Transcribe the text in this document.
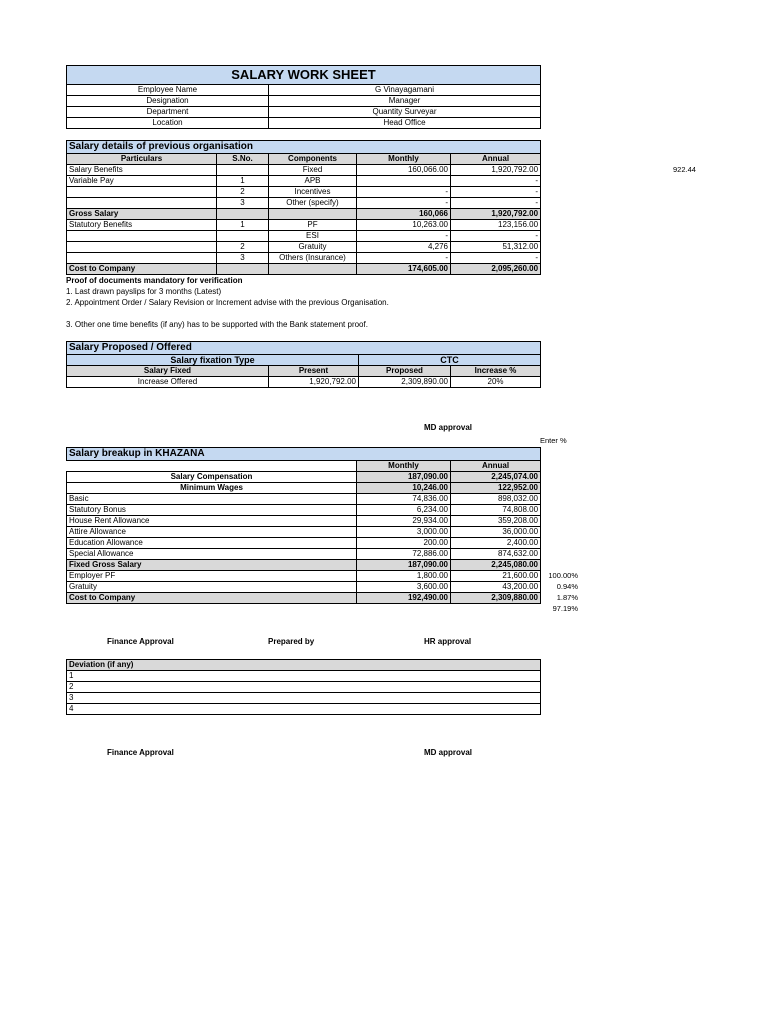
SALARY WORK SHEET	
Employee Name	G Vinayagamani
Designation	Manager
Department	Quantity Surveyar
Location	Head Office
Salary details of previous organisation				
Particulars	S.No.	Components	Monthly	Annual
Salary Benefits		Fixed	160,066.00	1,920,792.00
Variable Pay	1	APB		-
	2	Incentives	-	-
	3	Other (specify)	-	-
Gross Salary			160,066	1,920,792.00
Statutory Benefits	1	PF	10,263.00	123,156.00
		ESI	-	-
	2	Gratuity	4,276	51,312.00
	3	Others (Insurance)	-	-
Cost to Company			174,605.00	2,095,260.00
922.44
Proof of documents mandatory for verification
1. Last drawn payslips for 3 months (Latest)
2. Appointment Order / Salary Revision or Increment advise with the previous Organisation.
3. Other one time benefits (if any) has to be supported with the Bank statement proof.
Salary Proposed / Offered			
Salary fixation Type		CTC	
Salary Fixed	Present	Proposed	Increase %
Increase Offered	1,920,792.00	2,309,890.00	20%
MD approval
Enter %
Salary breakup in KHAZANA		
	Monthly	Annual
Salary Compensation	187,090.00	2,245,074.00
Minimum Wages	10,246.00	122,952.00
Basic	74,836.00	898,032.00
Statutory Bonus	6,234.00	74,808.00
House Rent Allowance	29,934.00	359,208.00
Attire Allowance	3,000.00	36,000.00
Education Allowance	200.00	2,400.00
Special Allowance	72,886.00	874,632.00
Fixed Gross Salary	187,090.00	2,245,080.00
Employer PF	1,800.00	21,600.00
Gratuity	3,600.00	43,200.00
Cost to Company	192,490.00	2,309,880.00
100.00%
0.94%
1.87%
97.19%
Finance Approval	Prepared by	HR approval
Deviation (if any)
1
2
3
4
Finance Approval	MD approval
